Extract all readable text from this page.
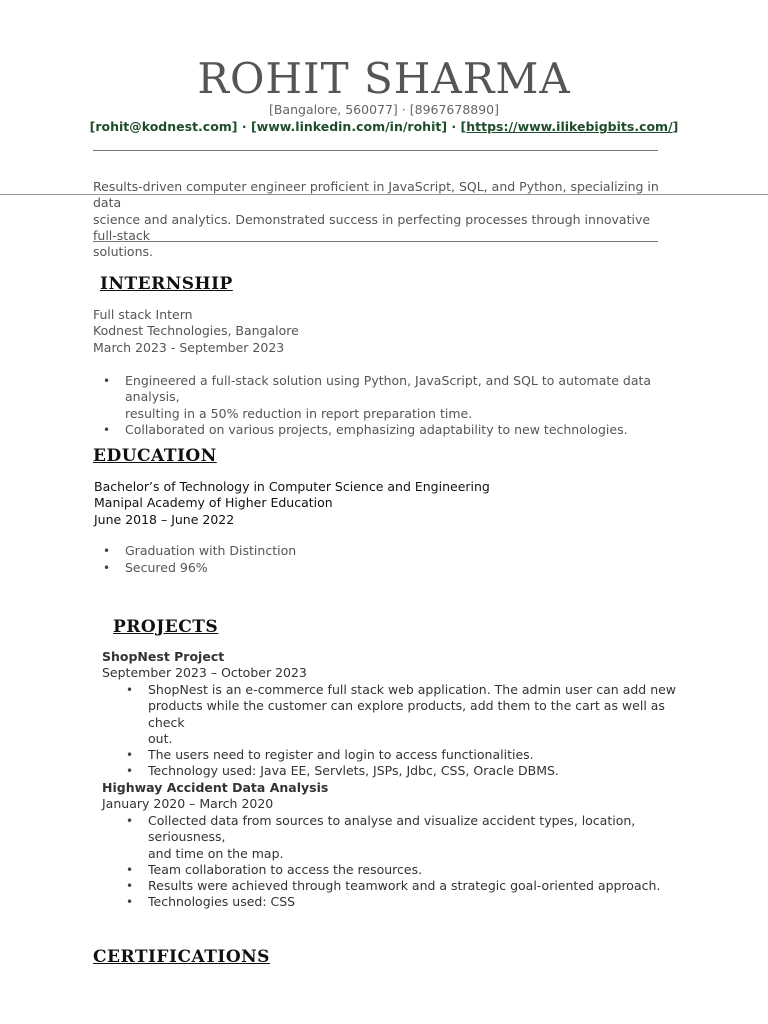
ROHIT SHARMA
[Bangalore, 560077] · [8967678890]
[rohit@kodnest.com] · [www.linkedin.com/in/rohit] · [https://www.ilikebigbits.com/]
Results-driven computer engineer proficient in JavaScript, SQL, and Python, specializing in data
science and analytics. Demonstrated success in perfecting processes through innovative full-stack
solutions.
INTERNSHIP
Full stack Intern
Kodnest Technologies, Bangalore
March 2023 - September 2023
• Engineered a full-stack solution using Python, JavaScript, and SQL to automate data analysis,
resulting in a 50% reduction in report preparation time.
• Collaborated on various projects, emphasizing adaptability to new technologies.
EDUCATION
Bachelor’s of Technology in Computer Science and Engineering
Manipal Academy of Higher Education
June 2018 – June 2022
• Graduation with Distinction
• Secured 96%
PROJECTS
ShopNest Project
September 2023 – October 2023
• ShopNest is an e-commerce full stack web application. The admin user can add new
products while the customer can explore products, add them to the cart as well as check
out.
• The users need to register and login to access functionalities.
• Technology used: Java EE, Servlets, JSPs, Jdbc, CSS, Oracle DBMS.
Highway Accident Data Analysis
January 2020 – March 2020
• Collected data from sources to analyse and visualize accident types, location, seriousness,
and time on the map.
• Team collaboration to access the resources.
• Results were achieved through teamwork and a strategic goal-oriented approach.
• Technologies used: CSS
CERTIFICATIONS
